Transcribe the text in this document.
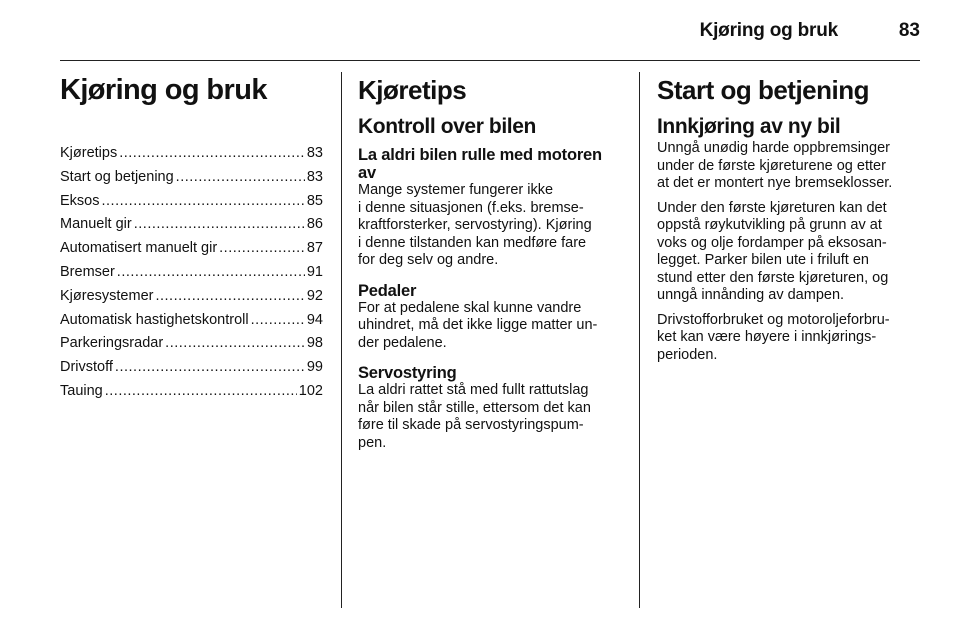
Kjøring og bruk	83
Kjøring og bruk
Kjøretips .....	83
Start og betjening .....	83
Eksos .....	85
Manuelt gir .....	86
Automatisert manuelt gir .....	87
Bremser .....	91
Kjøresystemer .....	92
Automatisk hastighetskontroll .....	94
Parkeringsradar .....	98
Drivstoff .....	99
Tauing .....	102
Kjøretips
Kontroll over bilen
La aldri bilen rulle med motoren av

Mange systemer fungerer ikke
i denne situasjonen (f.eks. bremse-
kraftforsterker, servostyring). Kjøring
i denne tilstanden kan medføre fare
for deg selv og andre.

Pedaler

For at pedalene skal kunne vandre
uhindret, må det ikke ligge matter un-
der pedalene.

Servostyring

La aldri rattet stå med fullt rattutslag
når bilen står stille, ettersom det kan
føre til skade på servostyringspum-
pen.

Start og betjening
Innkjøring av ny bil

Unngå unødig harde oppbremsinger
under de første kjøreturene og etter
at det er montert nye bremseklosser.

Under den første kjøreturen kan det
oppstå røykutvikling på grunn av at
voks og olje fordamper på eksosan-
legget. Parker bilen ute i friluft en
stund etter den første kjøreturen, og
unngå innånding av dampen.

Drivstofforbruket og motoroljeforbru-
ket kan være høyere i innkjørings-
perioden.
